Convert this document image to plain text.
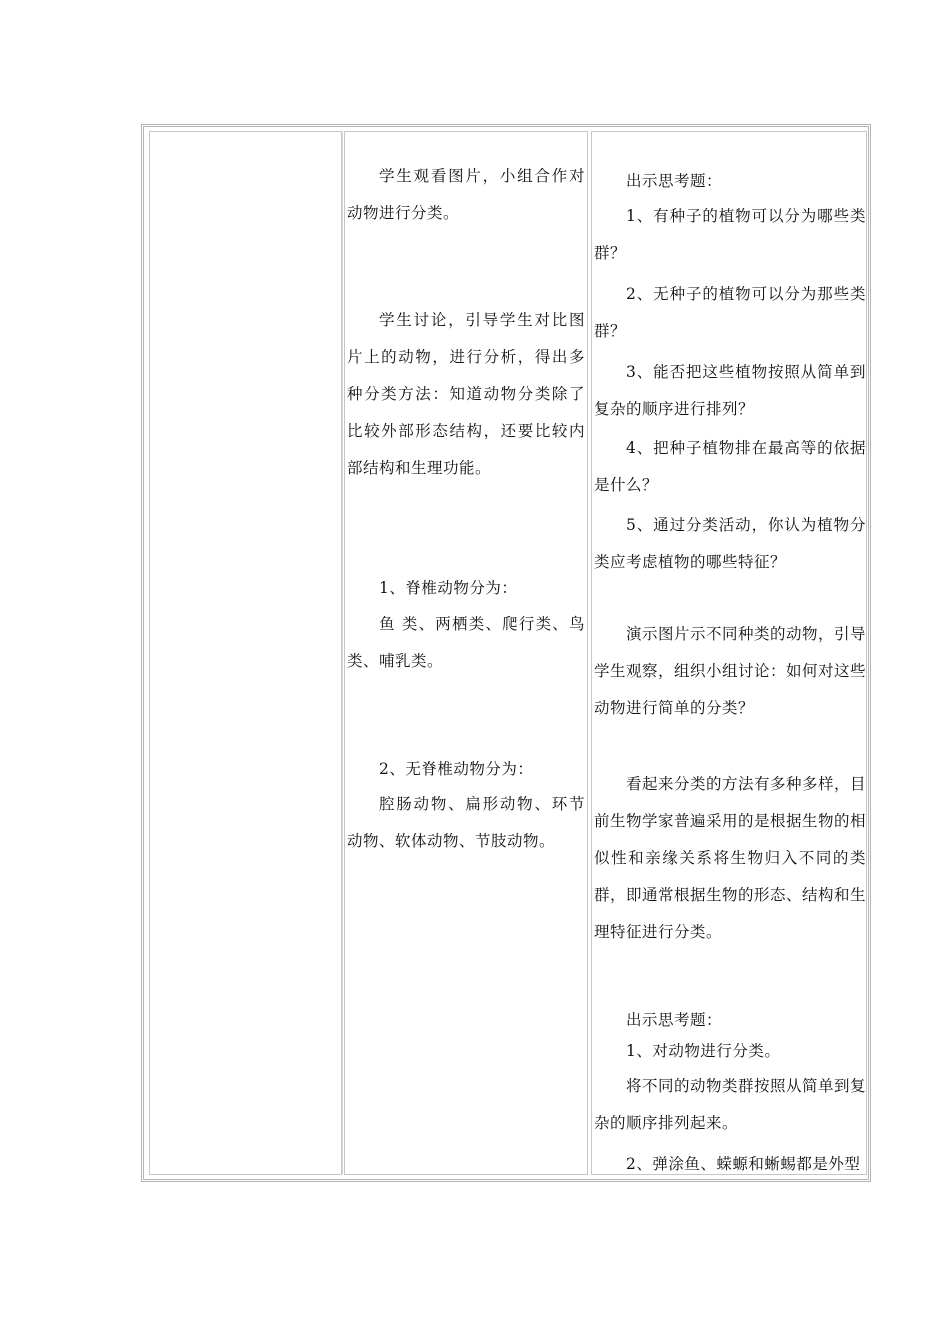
学生观看图片，小组合作对动物进行分类。

学生讨论，引导学生对比图片上的动物，进行分析，得出多种分类方法：知道动物分类除了比较外部形态结构，还要比较内部结构和生理功能。

1、脊椎动物分为：

鱼 类、两栖类、爬行类、鸟类、哺乳类。

2、无脊椎动物分为：

腔肠动物、扁形动物、环节动物、软体动物、节肢动物。

出示思考题：

1、有种子的植物可以分为哪些类群？

2、无种子的植物可以分为那些类群？

3、能否把这些植物按照从简单到复杂的顺序进行排列？

4、把种子植物排在最高等的依据是什么？

5、通过分类活动，你认为植物分类应考虑植物的哪些特征？

演示图片示不同种类的动物，引导学生观察，组织小组讨论：如何对这些动物进行简单的分类？

看起来分类的方法有多种多样，目前生物学家普遍采用的是根据生物的相似性和亲缘关系将生物归入不同的类群，即通常根据生物的形态、结构和生理特征进行分类。

出示思考题：

1、对动物进行分类。

将不同的动物类群按照从简单到复杂的顺序排列起来。

2、弹涂鱼、蝾螈和蜥蜴都是外型
